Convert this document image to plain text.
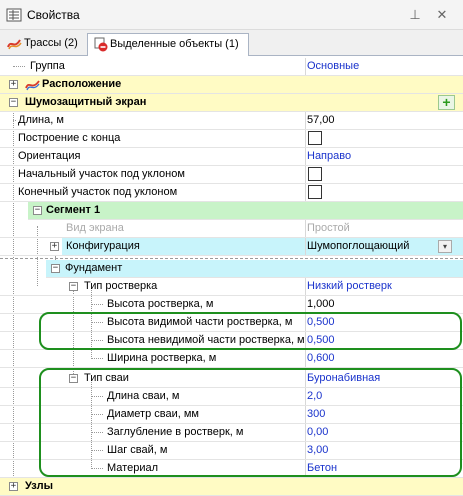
Свойства	⊥ ✕
Трассы (2)	Выделенные объекты (1)
Группа	Основные
+ Расположение
− Шумозащитный экран	+
Длина, м	57,00
Построение с конца
Ориентация	Направо
Начальный участок под уклоном
Конечный участок под уклоном
− Сегмент 1
Вид экрана	Простой
+ Конфигурация	Шумопоглощающий	▾
− Фундамент
− Тип ростверка	Низкий ростверк
Высота ростверка, м	1,000
Высота видимой части ростверка, м 0,500
Высота невидимой части ростверка, м 0,500
Ширина ростверка, м	0,600
− Тип сваи	Буронабивная
Длина сваи, м	2,0
Диаметр сваи, мм	300
Заглубление в ростверк, м	0,00
Шаг свай, м	3,00
Материал	Бетон
+ Узлы
